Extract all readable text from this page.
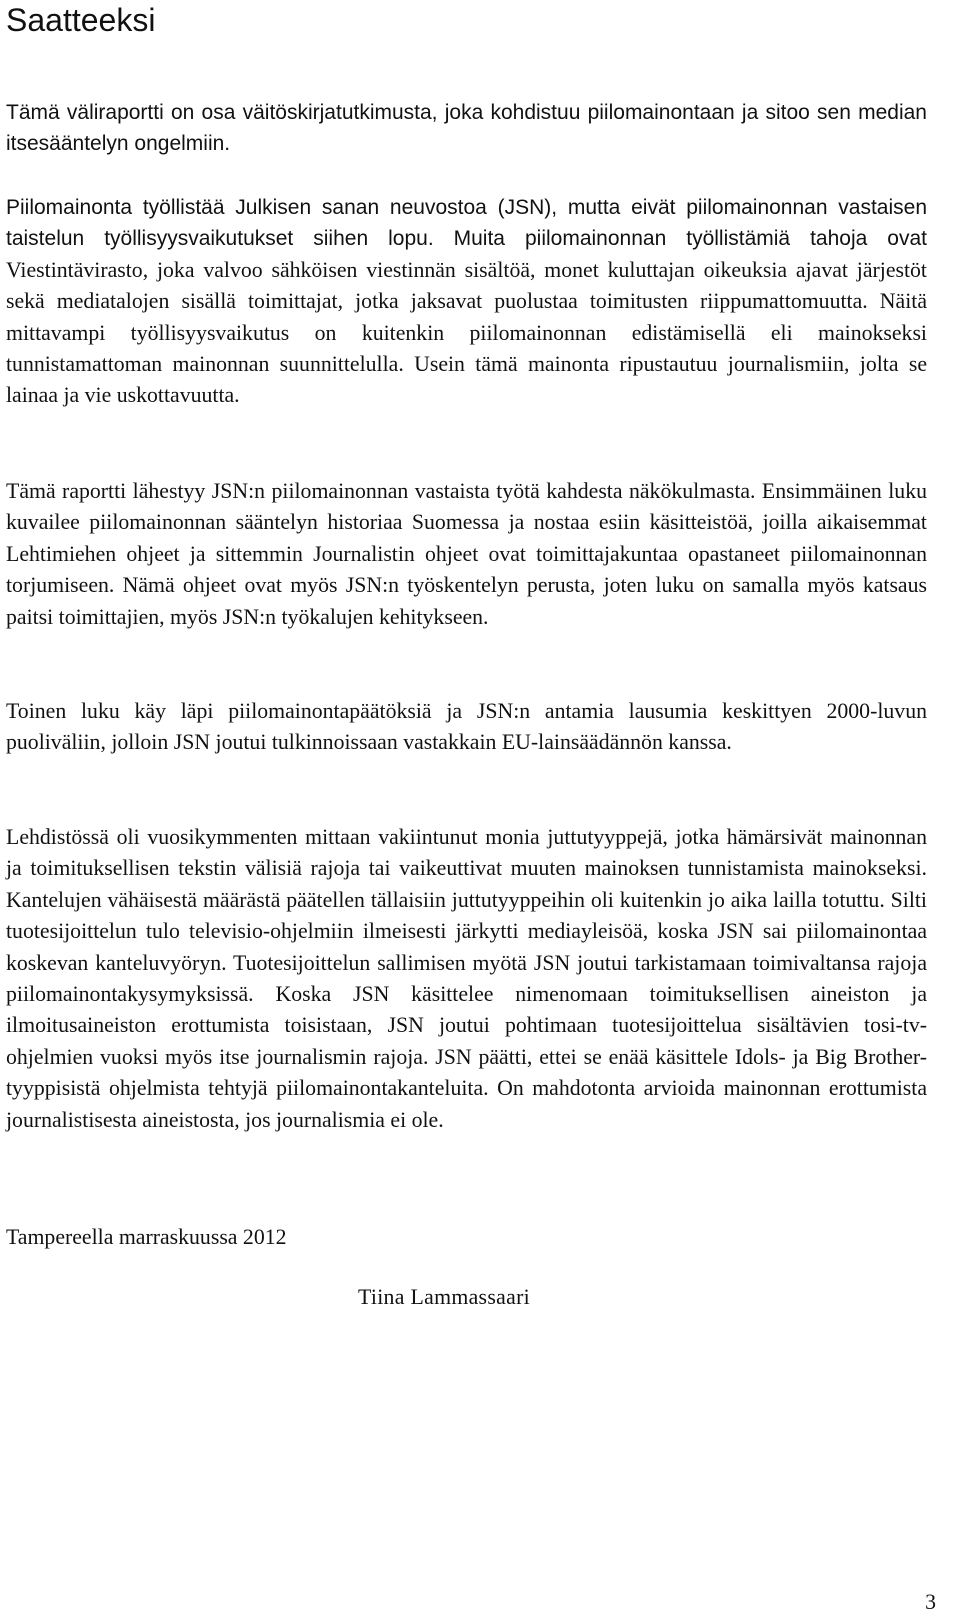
Saatteeksi

Tämä väliraportti on osa väitöskirjatutkimusta, joka kohdistuu piilomainontaan ja sitoo sen median itsesääntelyn ongelmiin.

Piilomainonta työllistää Julkisen sanan neuvostoa (JSN), mutta eivät piilomainonnan vastaisen taistelun työllisyysvaikutukset siihen lopu. Muita piilomainonnan työllistämiä tahoja ovat Viestintävirasto, joka valvoo sähköisen viestinnän sisältöä, monet kuluttajan oikeuksia ajavat järjestöt sekä mediatalojen sisällä toimittajat, jotka jaksavat puolustaa toimitusten riippumattomuutta. Näitä mittavampi työllisyysvaikutus on kuitenkin piilomainonnan edistämisellä eli mainokseksi tunnistamattoman mainonnan suunnittelulla. Usein tämä mainonta ripustautuu journalismiin, jolta se lainaa ja vie uskottavuutta.

Tämä raportti lähestyy JSN:n piilomainonnan vastaista työtä kahdesta näkökulmasta. Ensimmäinen luku kuvailee piilomainonnan sääntelyn historiaa Suomessa ja nostaa esiin käsitteistöä, joilla aikaisemmat Lehtimiehen ohjeet ja sittemmin Journalistin ohjeet ovat toimittajakuntaa opastaneet piilomainonnan torjumiseen. Nämä ohjeet ovat myös JSN:n työskentelyn perusta, joten luku on samalla myös katsaus paitsi toimittajien, myös JSN:n työkalujen kehitykseen.

Toinen luku käy läpi piilomainontapäätöksiä ja JSN:n antamia lausumia keskittyen 2000-luvun puoliväliin, jolloin JSN joutui tulkinnoissaan vastakkain EU-lainsäädännön kanssa.

Lehdistössä oli vuosikymmenten mittaan vakiintunut monia juttutyyppejä, jotka hämärsivät mainonnan ja toimituksellisen tekstin välisiä rajoja tai vaikeuttivat muuten mainoksen tunnistamista mainokseksi. Kantelujen vähäisestä määrästä päätellen tällaisiin juttutyyppeihin oli kuitenkin jo aika lailla totuttu. Silti tuotesijoittelun tulo televisio-ohjelmiin ilmeisesti järkytti mediayleisöä, koska JSN sai piilomainontaa koskevan kanteluvyöryn. Tuotesijoittelun sallimisen myötä JSN joutui tarkistamaan toimivaltansa rajoja piilomainontakysymyksissä. Koska JSN käsittelee nimenomaan toimituksellisen aineiston ja ilmoitusaineiston erottumista toisistaan, JSN joutui pohtimaan tuotesijoittelua sisältävien tosi-tv-ohjelmien vuoksi myös itse journalismin rajoja. JSN päätti, ettei se enää käsittele Idols- ja Big Brother- tyyppisistä ohjelmista tehtyjä piilomainontakanteluita. On mahdotonta arvioida mainonnan erottumista journalistisesta aineistosta, jos journalismia ei ole.

Tampereella marraskuussa 2012

Tiina Lammassaari

3
